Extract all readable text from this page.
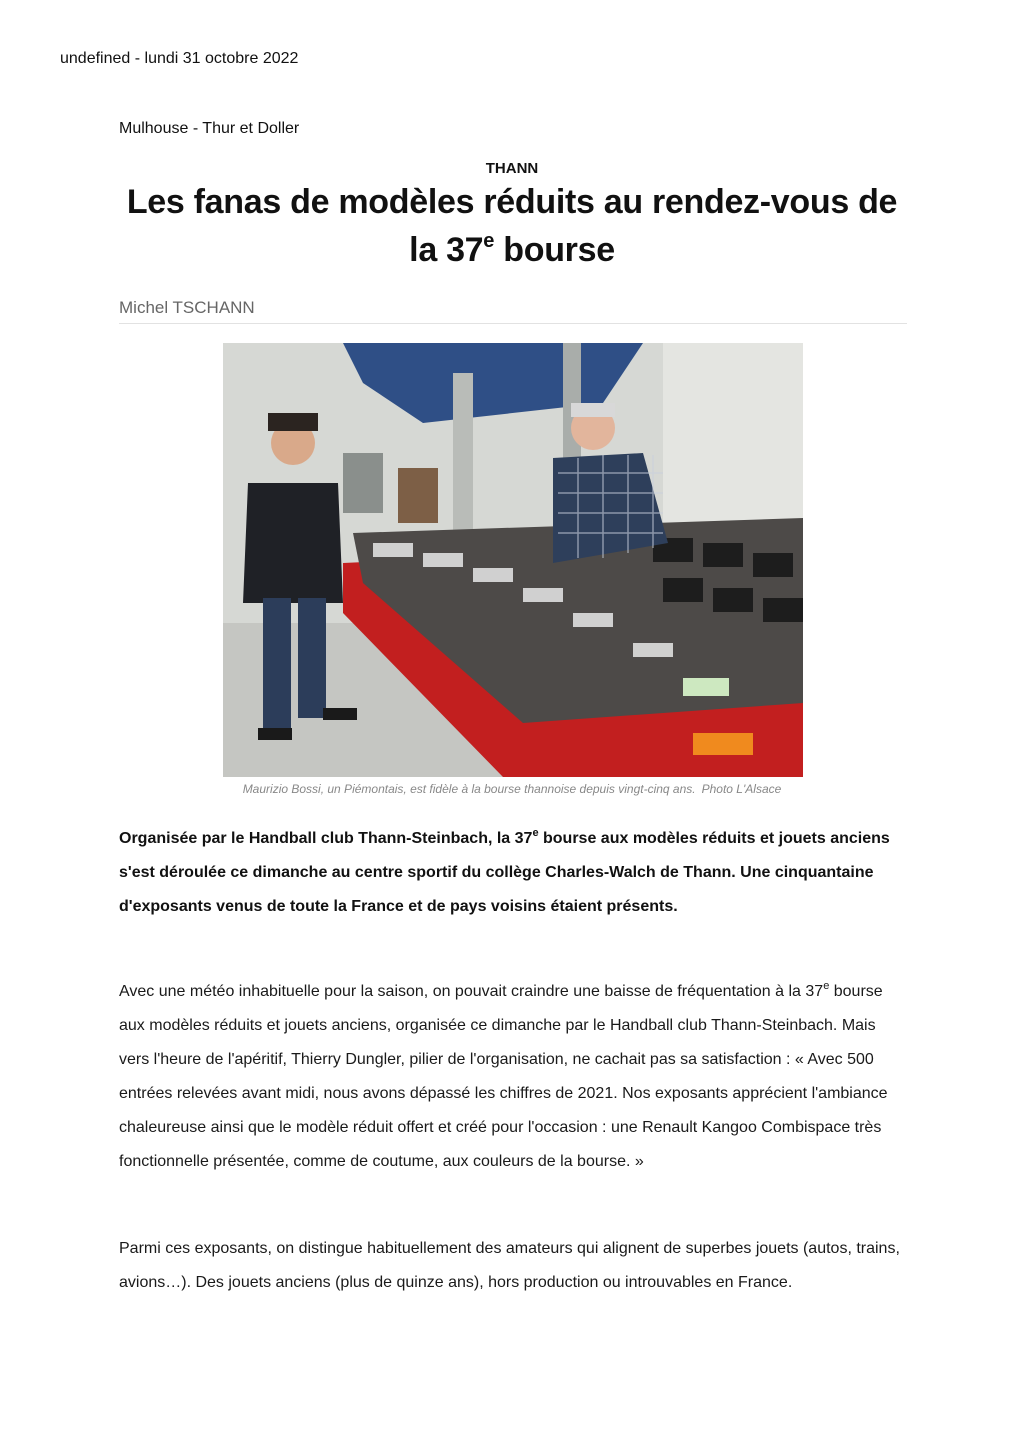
undefined - lundi 31 octobre 2022
Mulhouse - Thur et Doller
THANN
Les fanas de modèles réduits au rendez-vous de la 37e bourse
Michel TSCHANN
Maurizio Bossi, un Piémontais, est fidèle à la bourse thannoise depuis vingt-cinq ans. Photo L'Alsace

Organisée par le Handball club Thann-Steinbach, la 37e bourse aux modèles réduits et jouets anciens s'est déroulée ce dimanche au centre sportif du collège Charles-Walch de Thann. Une cinquantaine d'exposants venus de toute la France et de pays voisins étaient présents.

Avec une météo inhabituelle pour la saison, on pouvait craindre une baisse de fréquentation à la 37e bourse aux modèles réduits et jouets anciens, organisée ce dimanche par le Handball club Thann-Steinbach. Mais vers l'heure de l'apéritif, Thierry Dungler, pilier de l'organisation, ne cachait pas sa satisfaction : « Avec 500 entrées relevées avant midi, nous avons dépassé les chiffres de 2021. Nos exposants apprécient l'ambiance chaleureuse ainsi que le modèle réduit offert et créé pour l'occasion : une Renault Kangoo Combispace très fonctionnelle présentée, comme de coutume, aux couleurs de la bourse. »

Parmi ces exposants, on distingue habituellement des amateurs qui alignent de superbes jouets (autos, trains, avions…). Des jouets anciens (plus de quinze ans), hors production ou introuvables en France.
